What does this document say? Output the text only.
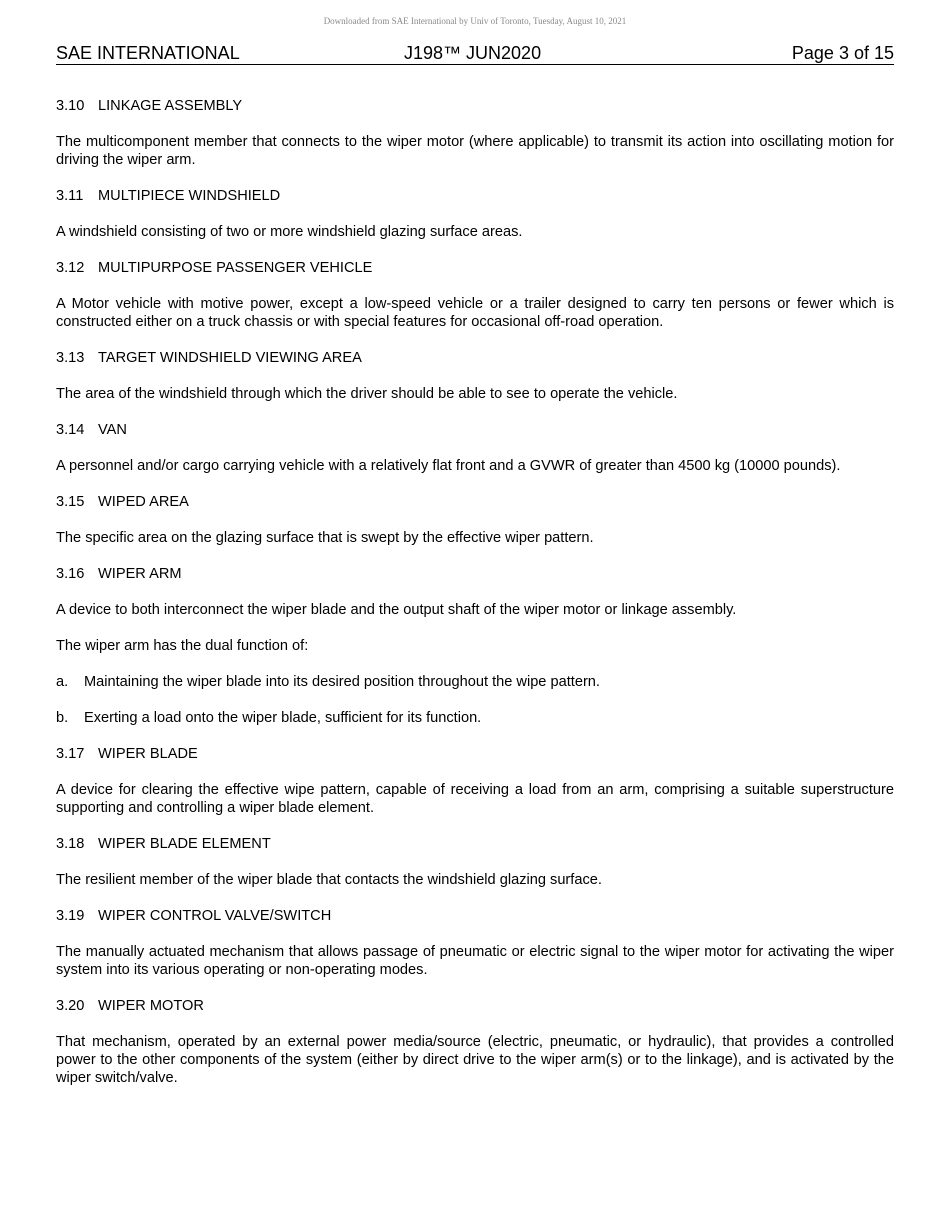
Downloaded from SAE International by Univ of Toronto, Tuesday, August 10, 2021
SAE INTERNATIONAL	J198™ JUN2020	Page 3 of 15
3.10 LINKAGE ASSEMBLY

The multicomponent member that connects to the wiper motor (where applicable) to transmit its action into oscillating motion for driving the wiper arm.

3.11 MULTIPIECE WINDSHIELD

A windshield consisting of two or more windshield glazing surface areas.

3.12 MULTIPURPOSE PASSENGER VEHICLE

A Motor vehicle with motive power, except a low-speed vehicle or a trailer designed to carry ten persons or fewer which is constructed either on a truck chassis or with special features for occasional off-road operation.

3.13 TARGET WINDSHIELD VIEWING AREA

The area of the windshield through which the driver should be able to see to operate the vehicle.

3.14 VAN

A personnel and/or cargo carrying vehicle with a relatively flat front and a GVWR of greater than 4500 kg (10000 pounds).

3.15 WIPED AREA

The specific area on the glazing surface that is swept by the effective wiper pattern.

3.16 WIPER ARM

A device to both interconnect the wiper blade and the output shaft of the wiper motor or linkage assembly.

The wiper arm has the dual function of:

a. Maintaining the wiper blade into its desired position throughout the wipe pattern.
b. Exerting a load onto the wiper blade, sufficient for its function.
3.17 WIPER BLADE

A device for clearing the effective wipe pattern, capable of receiving a load from an arm, comprising a suitable superstructure supporting and controlling a wiper blade element.

3.18 WIPER BLADE ELEMENT

The resilient member of the wiper blade that contacts the windshield glazing surface.

3.19 WIPER CONTROL VALVE/SWITCH

The manually actuated mechanism that allows passage of pneumatic or electric signal to the wiper motor for activating the wiper system into its various operating or non-operating modes.

3.20 WIPER MOTOR

That mechanism, operated by an external power media/source (electric, pneumatic, or hydraulic), that provides a controlled power to the other components of the system (either by direct drive to the wiper arm(s) or to the linkage), and is activated by the wiper switch/valve.
